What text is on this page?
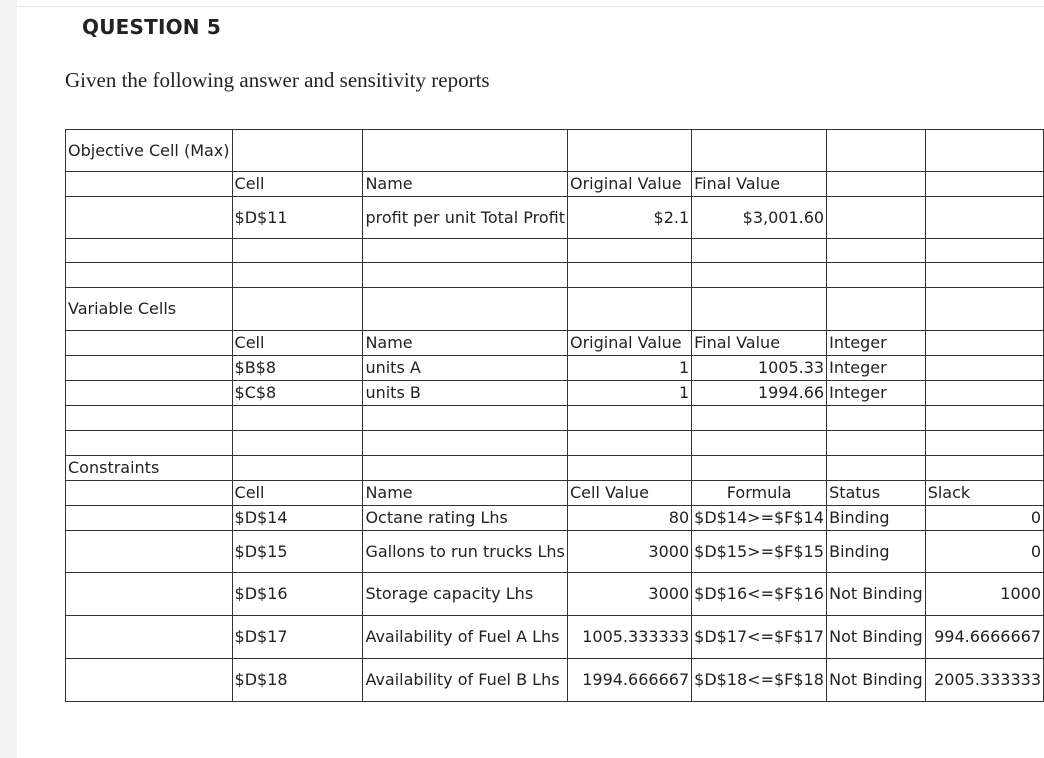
QUESTION 5
Given the following answer and sensitivity reports
Objective Cell (Max)						
	Cell	Name	Original Value	Final Value		
	$D$11	profit per unit Total Profit	$2.1	$3,001.60		

Variable Cells						
	Cell	Name	Original Value	Final Value	Integer	
	$B$8	units A	1	1005.33	Integer	
	$C$8	units B	1	1994.66	Integer	

Constraints						
	Cell	Name	Cell Value	Formula	Status	Slack
	$D$14	Octane rating Lhs	80	$D$14>=$F$14	Binding	0
	$D$15	Gallons to run trucks Lhs	3000	$D$15>=$F$15	Binding	0
	$D$16	Storage capacity Lhs	3000	$D$16<=$F$16	Not Binding	1000
	$D$17	Availability of Fuel A Lhs	1005.333333	$D$17<=$F$17	Not Binding	994.6666667
	$D$18	Availability of Fuel B Lhs	1994.666667	$D$18<=$F$18	Not Binding	2005.333333
